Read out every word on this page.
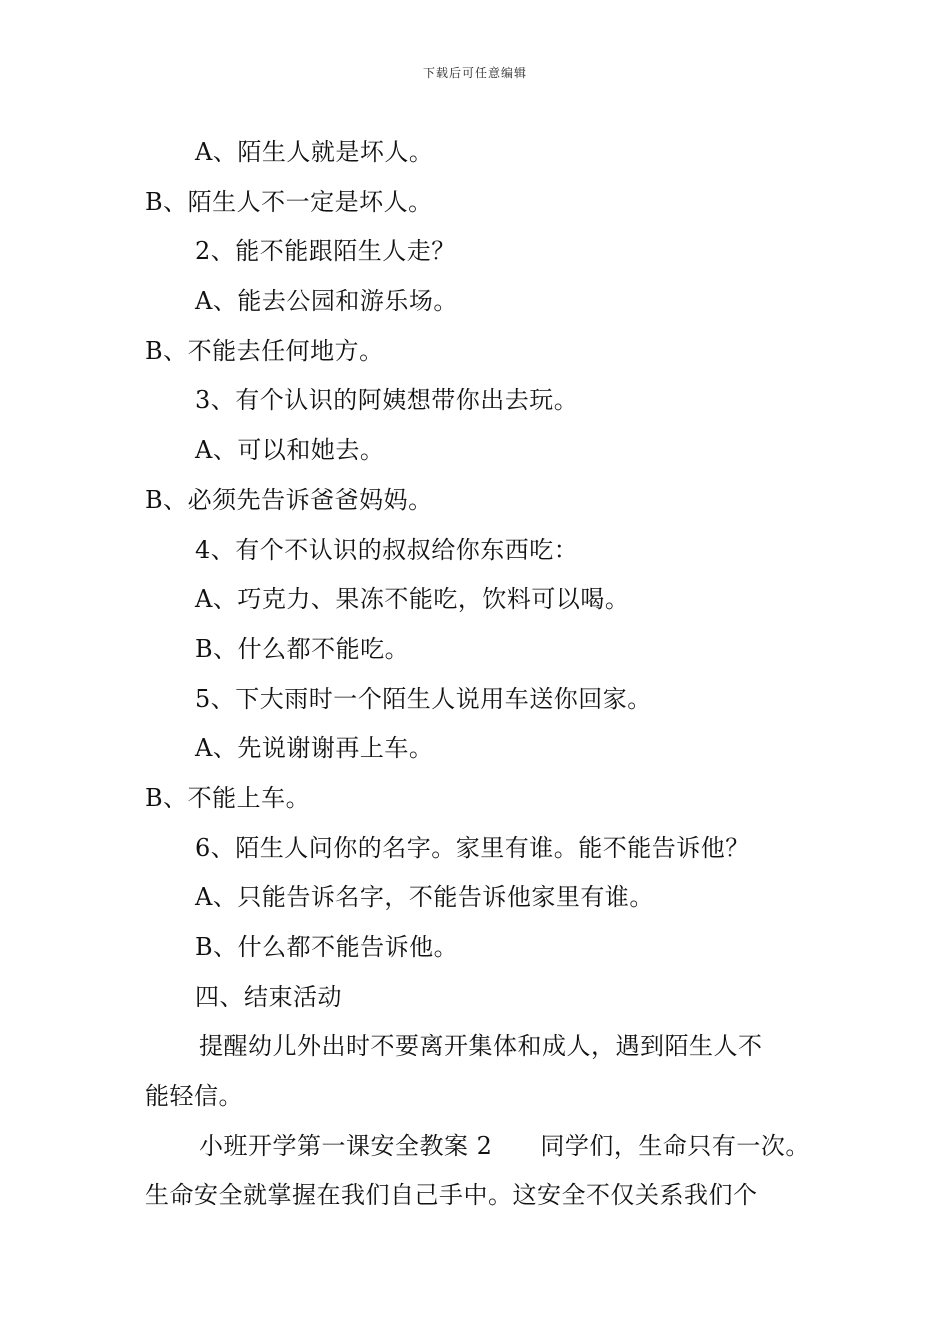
下载后可任意编辑
A、陌生人就是坏人。
B、陌生人不一定是坏人。
2、能不能跟陌生人走？
A、能去公园和游乐场。
B、不能去任何地方。
3、有个认识的阿姨想带你出去玩。
A、可以和她去。
B、必须先告诉爸爸妈妈。
4、有个不认识的叔叔给你东西吃：
A、巧克力、果冻不能吃，饮料可以喝。
B、什么都不能吃。
5、下大雨时一个陌生人说用车送你回家。
A、先说谢谢再上车。
B、不能上车。
6、陌生人问你的名字。家里有谁。能不能告诉他？
A、只能告诉名字，不能告诉他家里有谁。
B、什么都不能告诉他。
四、结束活动
提醒幼儿外出时不要离开集体和成人，遇到陌生人不
能轻信。
小班开学第一课安全教案 2 同学们，生命只有一次。
生命安全就掌握在我们自己手中。这安全不仅关系我们个
